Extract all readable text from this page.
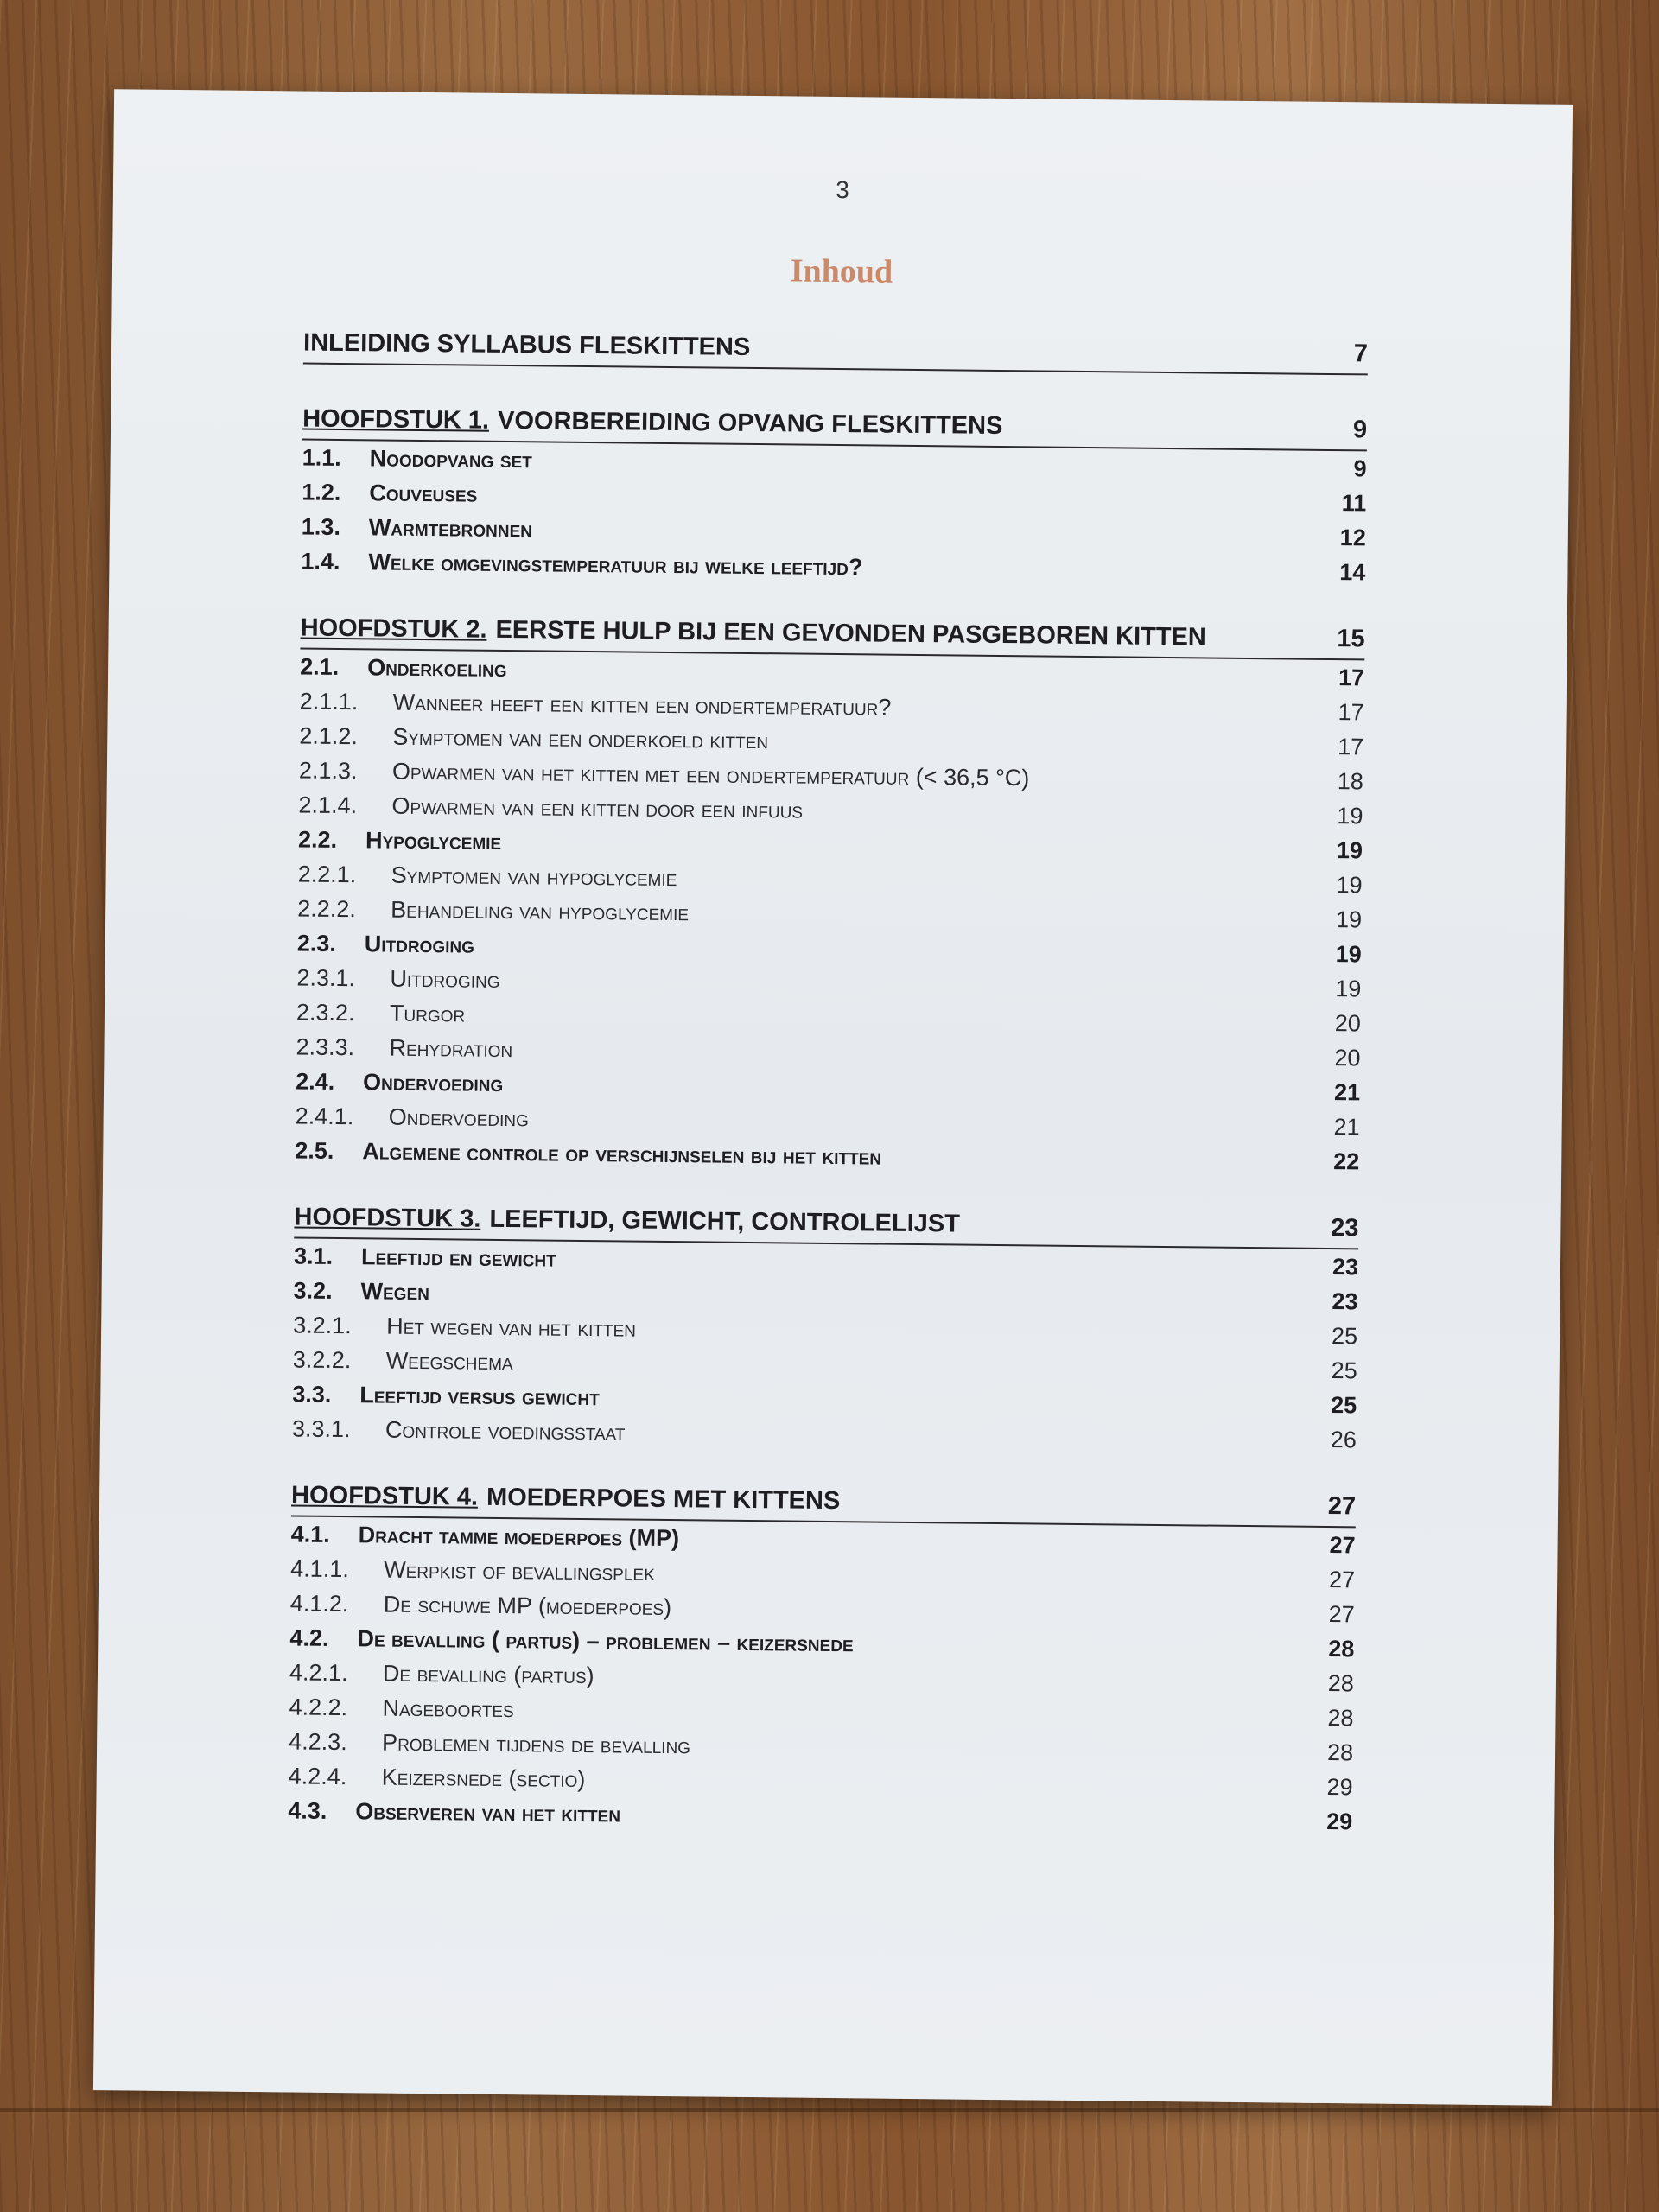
3
Inhoud
INLEIDING SYLLABUS FLESKITTENS	7
HOOFDSTUK 1. VOORBEREIDING OPVANG FLESKITTENS	9
1.1.	Noodopvang set	9
1.2.	Couveuses	11
1.3.	Warmtebronnen	12
1.4.	Welke omgevingstemperatuur bij welke leeftijd?	14
HOOFDSTUK 2. EERSTE HULP BIJ EEN GEVONDEN PASGEBOREN KITTEN	15
2.1.	Onderkoeling	17
2.1.1.	Wanneer heeft een kitten een ondertemperatuur?	17
2.1.2.	Symptomen van een onderkoeld kitten	17
2.1.3.	Opwarmen van het kitten met een ondertemperatuur (< 36,5 °C)	18
2.1.4.	Opwarmen van een kitten door een infuus	19
2.2.	Hypoglycemie	19
2.2.1.	Symptomen van hypoglycemie	19
2.2.2.	Behandeling van hypoglycemie	19
2.3.	Uitdroging	19
2.3.1.	Uitdroging	19
2.3.2.	Turgor	20
2.3.3.	Rehydration	20
2.4.	Ondervoeding	21
2.4.1.	Ondervoeding	21
2.5.	Algemene controle op verschijnselen bij het kitten	22
HOOFDSTUK 3. LEEFTIJD, GEWICHT, CONTROLELIJST	23
3.1.	Leeftijd en gewicht	23
3.2.	Wegen	23
3.2.1.	Het wegen van het kitten	25
3.2.2.	Weegschema	25
3.3.	Leeftijd versus gewicht	25
3.3.1.	Controle voedingsstaat	26
HOOFDSTUK 4. MOEDERPOES MET KITTENS	27
4.1.	Dracht tamme moederpoes (MP)	27
4.1.1.	Werpkist of bevallingsplek	27
4.1.2.	De schuwe MP (moederpoes)	27
4.2.	De bevalling ( partus) – problemen – keizersnede	28
4.2.1.	De bevalling (partus)	28
4.2.2.	Nageboortes	28
4.2.3.	Problemen tijdens de bevalling	28
4.2.4.	Keizersnede (sectio)	29
4.3.	Observeren van het kitten	29
